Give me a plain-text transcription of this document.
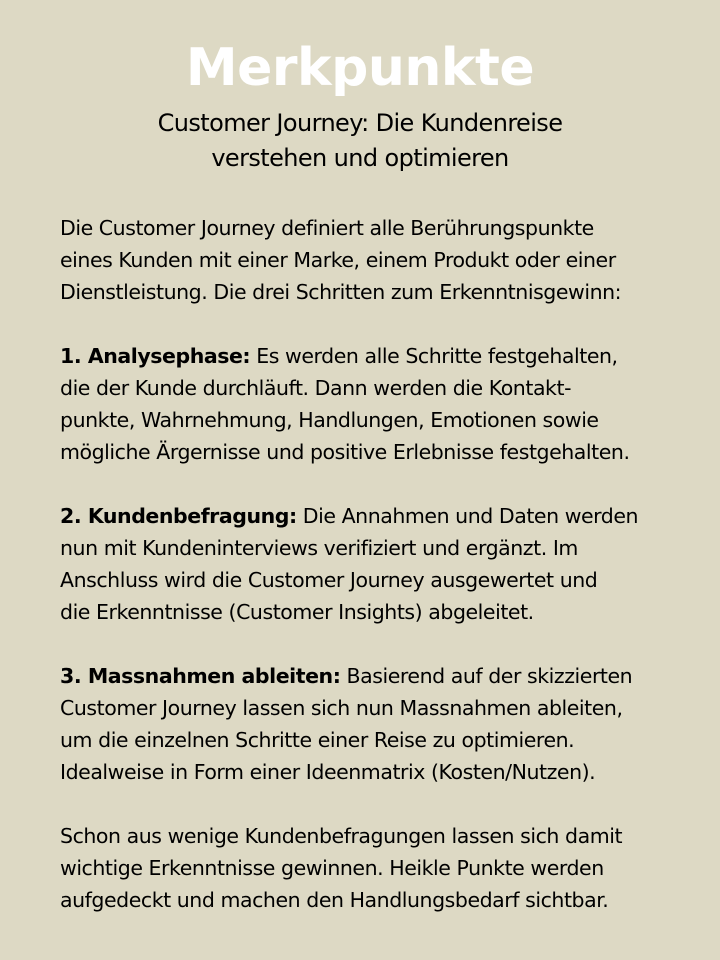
Merkpunkte
Customer Journey: Die Kundenreise
verstehen und optimieren

Die Customer Journey definiert alle Berührungspunkte
eines Kunden mit einer Marke, einem Produkt oder einer
Dienstleistung. Die drei Schritten zum Erkenntnisgewinn:

1. Analysephase: Es werden alle Schritte festgehalten,
die der Kunde durchläuft. Dann werden die Kontakt-
punkte, Wahrnehmung, Handlungen, Emotionen sowie
mögliche Ärgernisse und positive Erlebnisse festgehalten.

2. Kundenbefragung: Die Annahmen und Daten werden
nun mit Kundeninterviews verifiziert und ergänzt. Im
Anschluss wird die Customer Journey ausgewertet und
die Erkenntnisse (Customer Insights) abgeleitet.

3. Massnahmen ableiten: Basierend auf der skizzierten
Customer Journey lassen sich nun Massnahmen ableiten,
um die einzelnen Schritte einer Reise zu optimieren.
Idealweise in Form einer Ideenmatrix (Kosten/Nutzen).

Schon aus wenige Kundenbefragungen lassen sich damit
wichtige Erkenntnisse gewinnen. Heikle Punkte werden
aufgedeckt und machen den Handlungsbedarf sichtbar.
